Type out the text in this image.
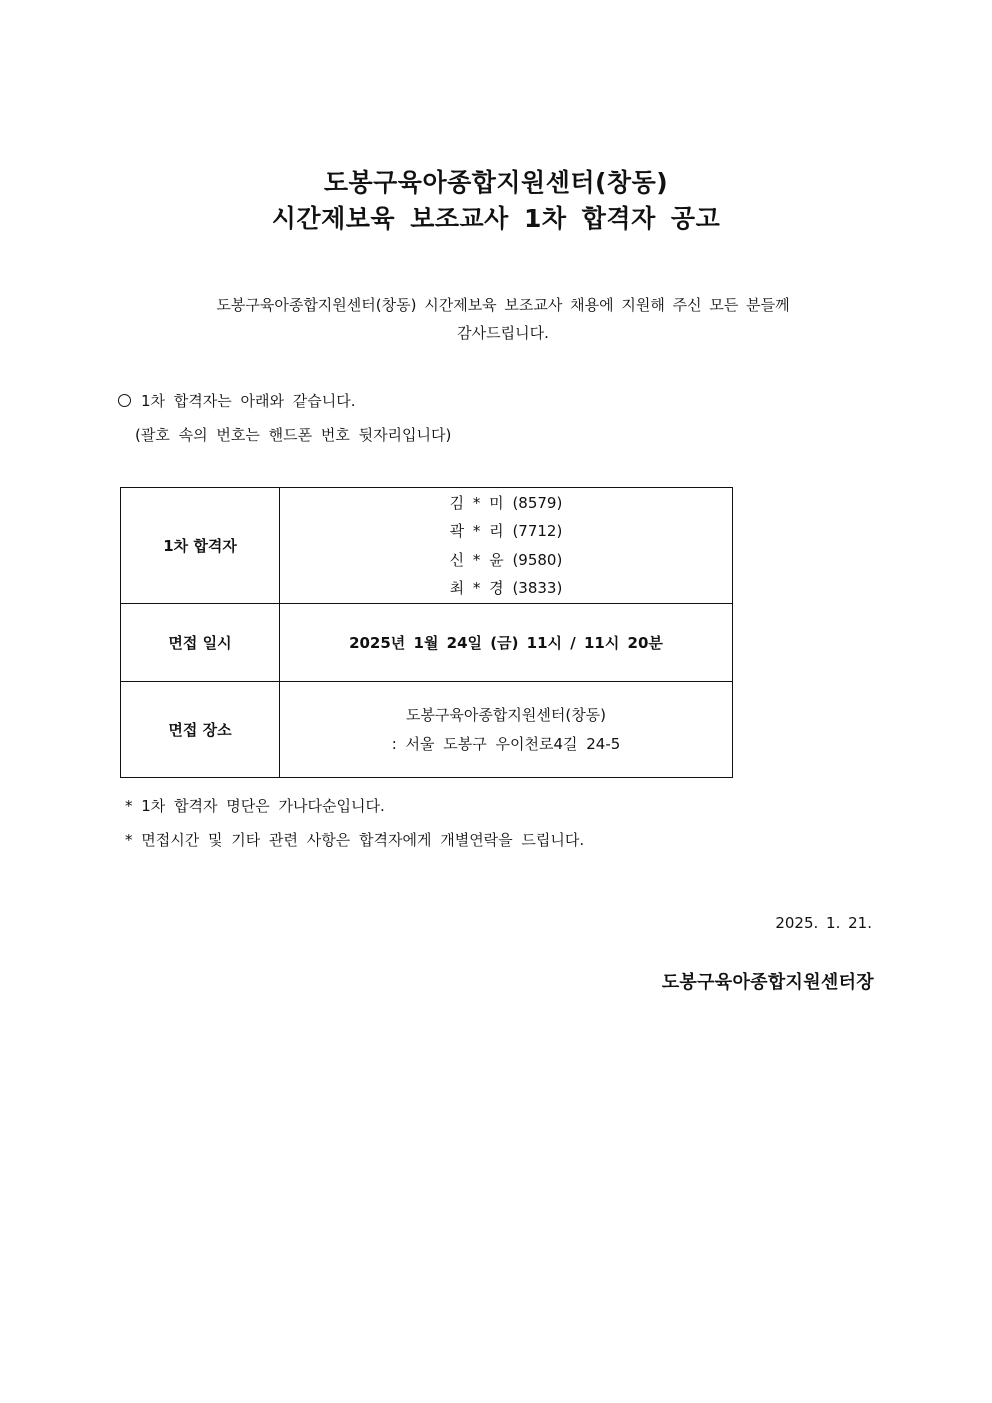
도봉구육아종합지원센터(창동)
시간제보육 보조교사 1차 합격자 공고
도봉구육아종합지원센터(창동) 시간제보육 보조교사 채용에 지원해 주신 모든 분들께
감사드립니다.
1차 합격자는 아래와 같습니다.
(괄호 속의 번호는 핸드폰 번호 뒷자리입니다)
1차 합격자	김 * 미 (8579)
곽 * 리 (7712)
신 * 윤 (9580)
최 * 경 (3833)

면접 일시	2025년 1월 24일 (금) 11시 / 11시 20분
면접 장소	도봉구육아종합지원센터(창동)
: 서울 도봉구 우이천로4길 24-5
* 1차 합격자 명단은 가나다순입니다.
* 면접시간 및 기타 관련 사항은 합격자에게 개별연락을 드립니다.
2025. 1. 21.
도봉구육아종합지원센터장
